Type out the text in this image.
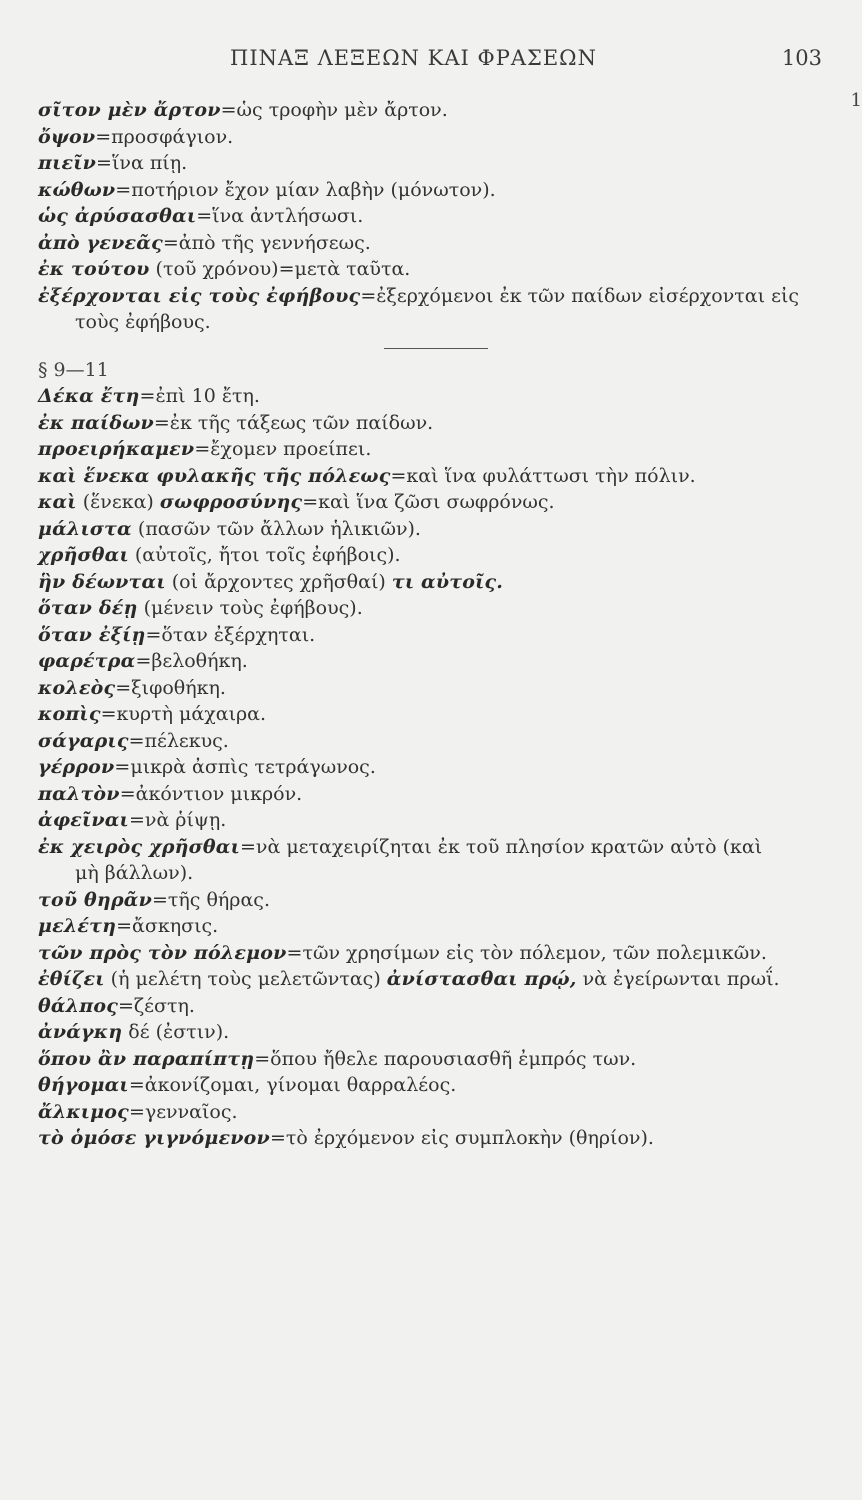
ΠΙΝΑΞ ΛΕΞΕΩΝ ΚΑΙ ΦΡΑΣΕΩΝ	103
1
σῖτον μὲν ἄρτον=ὡς τροφὴν μὲν ἄρτον.
ὄψον=προσφάγιον.
πιεῖν=ἵνα πίῃ.
κώθων=ποτήριον ἔχον μίαν λαβὴν (μόνωτον).
ὡς ἀρύσασθαι=ἵνα ἀντλήσωσι.
ἀπὸ γενεᾶς=ἀπὸ τῆς γεννήσεως.
ἐκ τούτου (τοῦ χρόνου)=μετὰ ταῦτα.
ἐξέρχονται εἰς τοὺς ἐφήβους=ἐξερχόμενοι ἐκ τῶν παίδων εἰσέρχονται εἰς
τοὺς ἐφήβους.
§ 9—11
Δέκα ἔτη=ἐπὶ 10 ἔτη.
ἐκ παίδων=ἐκ τῆς τάξεως τῶν παίδων.
προειρήκαμεν=ἔχομεν προείπει.
καὶ ἕνεκα φυλακῆς τῆς πόλεως=καὶ ἵνα φυλάττωσι τὴν πόλιν.
καὶ (ἕνεκα) σωφροσύνης=καὶ ἵνα ζῶσι σωφρόνως.
μάλιστα (πασῶν τῶν ἄλλων ἡλικιῶν).
χρῆσθαι (αὐτοῖς, ἤτοι τοῖς ἐφήβοις).
ἣν δέωνται (οἱ ἄρχοντες χρῆσθαί) τι αὐτοῖς.
ὅταν δέῃ (μένειν τοὺς ἐφήβους).
ὅταν ἐξίῃ=ὅταν ἐξέρχηται.
φαρέτρα=βελοθήκη.
κολεὸς=ξιφοθήκη.
κοπὶς=κυρτὴ μάχαιρα.
σάγαρις=πέλεκυς.
γέρρον=μικρὰ ἀσπὶς τετράγωνος.
παλτὸν=ἀκόντιον μικρόν.
ἀφεῖναι=νὰ ῥίψῃ.
ἐκ χειρὸς χρῆσθαι=νὰ μεταχειρίζηται ἐκ τοῦ πλησίον κρατῶν αὐτὸ (καὶ
μὴ βάλλων).
τοῦ θηρᾶν=τῆς θήρας.
μελέτη=ἄσκησις.
τῶν πρὸς τὸν πόλεμον=τῶν χρησίμων εἰς τὸν πόλεμον, τῶν πολεμικῶν.
ἐθίζει (ἡ μελέτη τοὺς μελετῶντας) ἀνίστασθαι πρῴ, νὰ ἐγείρωνται πρωΐ.
θάλπος=ζέστη.
ἀνάγκη δέ (ἐστιν).
ὅπου ἂν παραπίπτῃ=ὅπου ἤθελε παρουσιασθῆ ἐμπρός των.
θήγομαι=ἀκονίζομαι, γίνομαι θαρραλέος.
ἄλκιμος=γενναῖος.
τὸ ὁμόσε γιγνόμενον=τὸ ἐρχόμενον εἰς συμπλοκὴν (θηρίον).
